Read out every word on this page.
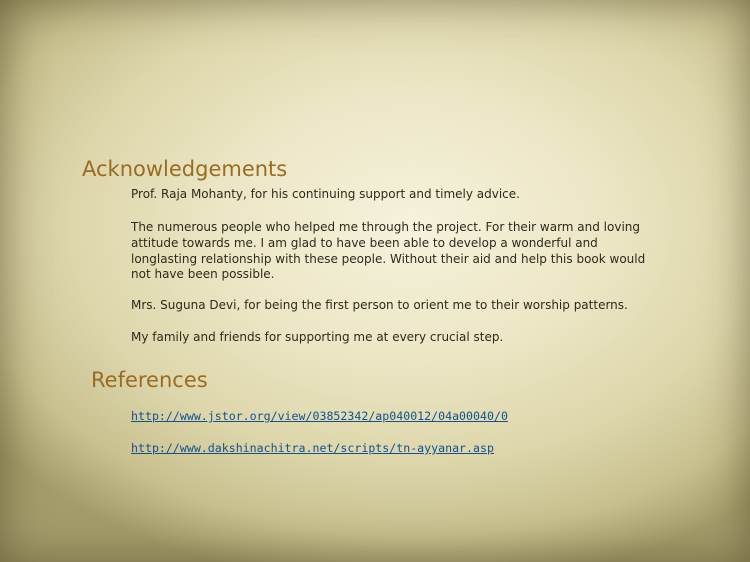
Acknowledgements

Prof. Raja Mohanty, for his continuing support and timely advice.

The numerous people who helped me through the project. For their warm and loving attitude towards me. I am glad to have been able to develop a wonderful and longlasting relationship with these people. Without their aid and help this book would not have been possible.

Mrs. Suguna Devi, for being the first person to orient me to their worship patterns.

My family and friends for supporting me at every crucial step.

References
http://www.jstor.org/view/03852342/ap040012/04a00040/0
http://www.dakshinachitra.net/scripts/tn-ayyanar.asp
